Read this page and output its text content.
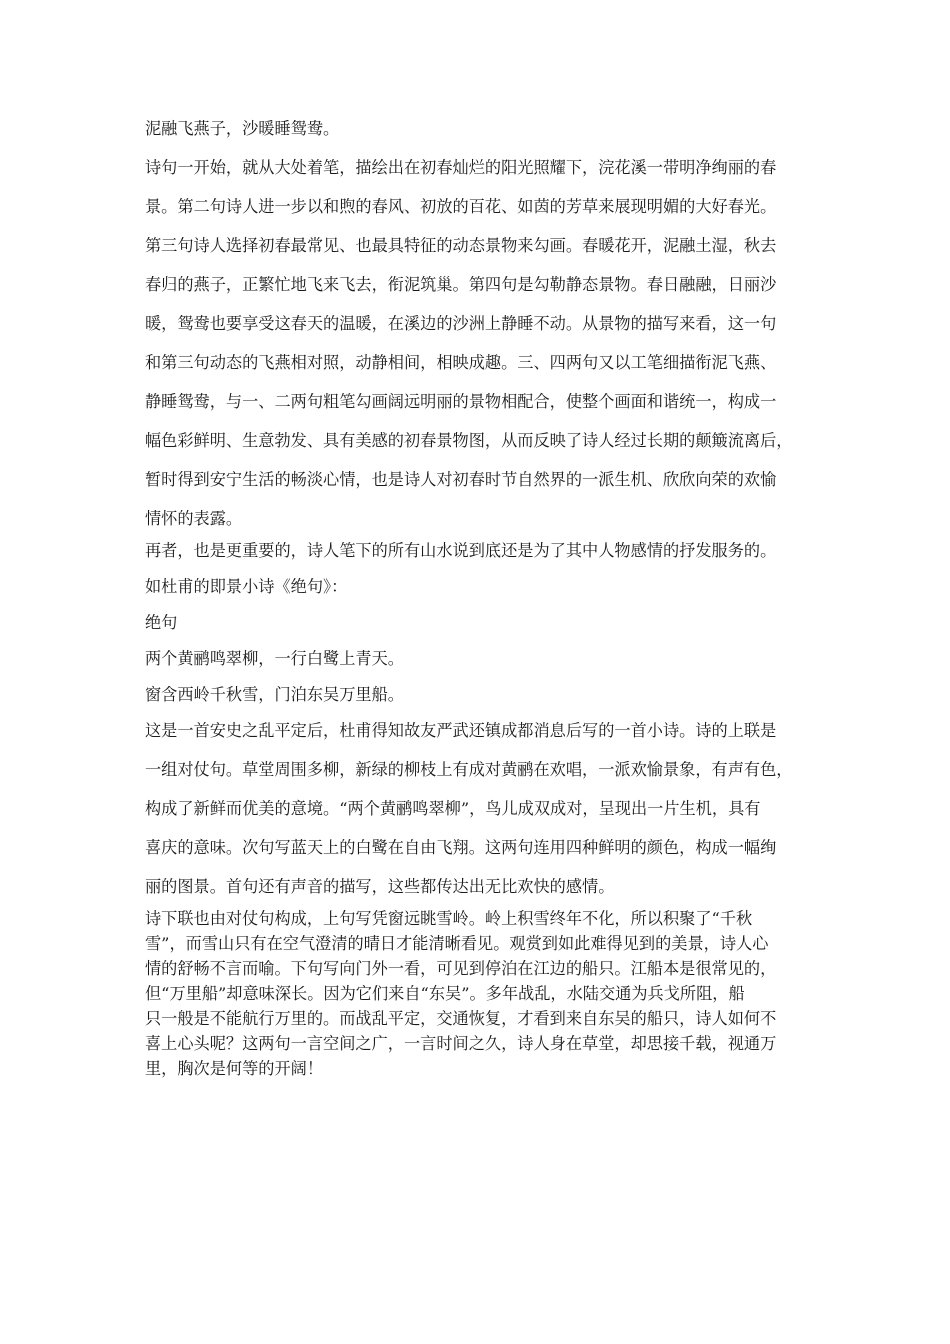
泥融飞燕子，沙暖睡鸳鸯。

诗句一开始，就从大处着笔，描绘出在初春灿烂的阳光照耀下，浣花溪一带明净绚丽的春

景。第二句诗人进一步以和煦的春风、初放的百花、如茵的芳草来展现明媚的大好春光。

第三句诗人选择初春最常见、也最具特征的动态景物来勾画。春暖花开，泥融土湿，秋去

春归的燕子，正繁忙地飞来飞去，衔泥筑巢。第四句是勾勒静态景物。春日融融，日丽沙

暖，鸳鸯也要享受这春天的温暖，在溪边的沙洲上静睡不动。从景物的描写来看，这一句

和第三句动态的飞燕相对照，动静相间，相映成趣。三、四两句又以工笔细描衔泥飞燕、

静睡鸳鸯，与一、二两句粗笔勾画阔远明丽的景物相配合，使整个画面和谐统一，构成一

幅色彩鲜明、生意勃发、具有美感的初春景物图，从而反映了诗人经过长期的颠簸流离后，

暂时得到安宁生活的畅淡心情，也是诗人对初春时节自然界的一派生机、欣欣向荣的欢愉

情怀的表露。

再者，也是更重要的，诗人笔下的所有山水说到底还是为了其中人物感情的抒发服务的。

如杜甫的即景小诗《绝句》：

绝句

两个黄鹂鸣翠柳，一行白鹭上青天。

窗含西岭千秋雪，门泊东吴万里船。

这是一首安史之乱平定后，杜甫得知故友严武还镇成都消息后写的一首小诗。诗的上联是

一组对仗句。草堂周围多柳，新绿的柳枝上有成对黄鹂在欢唱，一派欢愉景象，有声有色，

构成了新鲜而优美的意境。“两个黄鹂鸣翠柳”，鸟儿成双成对，呈现出一片生机，具有

喜庆的意味。次句写蓝天上的白鹭在自由飞翔。这两句连用四种鲜明的颜色，构成一幅绚

丽的图景。首句还有声音的描写，这些都传达出无比欢快的感情。

诗下联也由对仗句构成，上句写凭窗远眺雪岭。岭上积雪终年不化，所以积聚了“千秋

雪”，而雪山只有在空气澄清的晴日才能清晰看见。观赏到如此难得见到的美景，诗人心

情的舒畅不言而喻。下句写向门外一看，可见到停泊在江边的船只。江船本是很常见的，

但“万里船”却意味深长。因为它们来自“东吴”。多年战乱，水陆交通为兵戈所阻，船

只一般是不能航行万里的。而战乱平定，交通恢复，才看到来自东吴的船只，诗人如何不

喜上心头呢？这两句一言空间之广，一言时间之久，诗人身在草堂，却思接千载，视通万

里，胸次是何等的开阔！
